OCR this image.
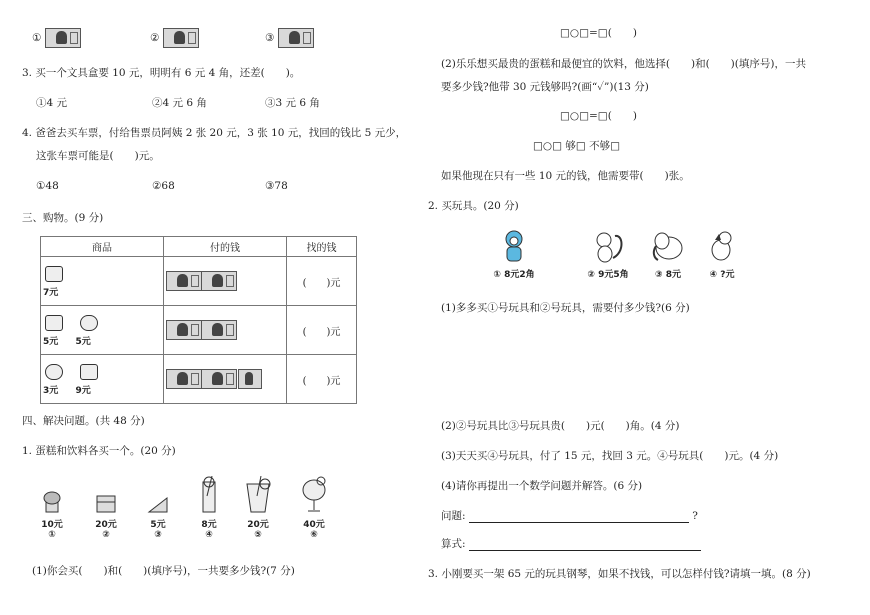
①	②	③
3. 买一个文具盒要 10 元，明明有 6 元 4 角，还差(　　)。
①4 元	②4 元 6 角	③3 元 6 角
4. 爸爸去买车票，付给售票员阿姨 2 张 20 元，3 张 10 元，找回的钱比 5 元少，
这张车票可能是(　　)元。
①48	②68	③78
三、购物。(9 分)
商品	付的钱	找的钱

7元		(　　)元

5元 5元		(　　)元

3元 9元		(　　)元
四、解决问题。(共 48 分)
1. 蛋糕和饮料各买一个。(20 分)
10元
①
20元
②
5元
③
8元
④
20元
⑤
40元
⑥
(1)你会买(　　)和(　　)(填序号)，一共要多少钱?(7 分)
□○□=□(　　)
(2)乐乐想买最贵的蛋糕和最便宜的饮料，他选择(　　)和(　　)(填序号)，一共
要多少钱?他带 30 元钱够吗?(画“✓”)(13 分)
□○□=□(　　)
□○□ 够□ 不够□
如果他现在只有一些 10 元的钱，他需要带(　　)张。
2. 买玩具。(20 分)
① 8元2角	② 9元5角	③ 8元	④ ?元
(1)多多买①号玩具和②号玩具，需要付多少钱?(6 分)
(2)②号玩具比③号玩具贵(　　)元(　　)角。(4 分)
(3)天天买④号玩具，付了 15 元，找回 3 元。④号玩具(　　)元。(4 分)
(4)请你再提出一个数学问题并解答。(6 分)
问题:	?
算式:
3. 小刚要买一架 65 元的玩具钢琴，如果不找钱，可以怎样付钱?请填一填。(8 分)
